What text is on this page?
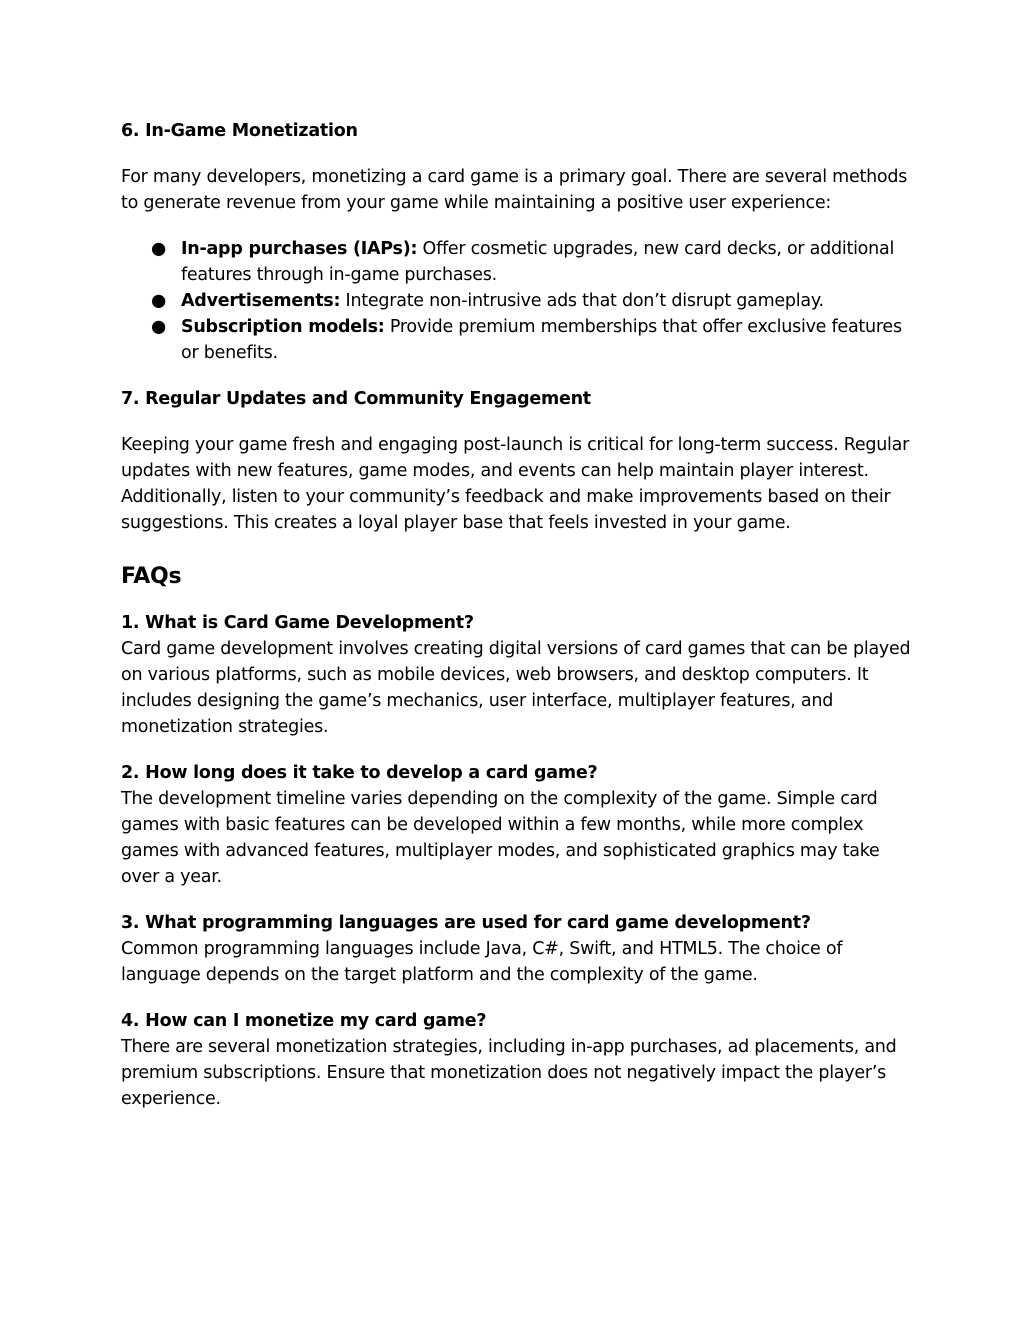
6. In-Game Monetization

For many developers, monetizing a card game is a primary goal. There are several methods to generate revenue from your game while maintaining a positive user experience:

● In-app purchases (IAPs): Offer cosmetic upgrades, new card decks, or additional features through in-game purchases.
● Advertisements: Integrate non-intrusive ads that don’t disrupt gameplay.
● Subscription models: Provide premium memberships that offer exclusive features or benefits.

7. Regular Updates and Community Engagement

Keeping your game fresh and engaging post-launch is critical for long-term success. Regular updates with new features, game modes, and events can help maintain player interest. Additionally, listen to your community’s feedback and make improvements based on their suggestions. This creates a loyal player base that feels invested in your game.

FAQs

1. What is Card Game Development?

Card game development involves creating digital versions of card games that can be played on various platforms, such as mobile devices, web browsers, and desktop computers. It includes designing the game’s mechanics, user interface, multiplayer features, and monetization strategies.

2. How long does it take to develop a card game?

The development timeline varies depending on the complexity of the game. Simple card games with basic features can be developed within a few months, while more complex games with advanced features, multiplayer modes, and sophisticated graphics may take over a year.

3. What programming languages are used for card game development?

Common programming languages include Java, C#, Swift, and HTML5. The choice of language depends on the target platform and the complexity of the game.

4. How can I monetize my card game?

There are several monetization strategies, including in-app purchases, ad placements, and premium subscriptions. Ensure that monetization does not negatively impact the player’s experience.
